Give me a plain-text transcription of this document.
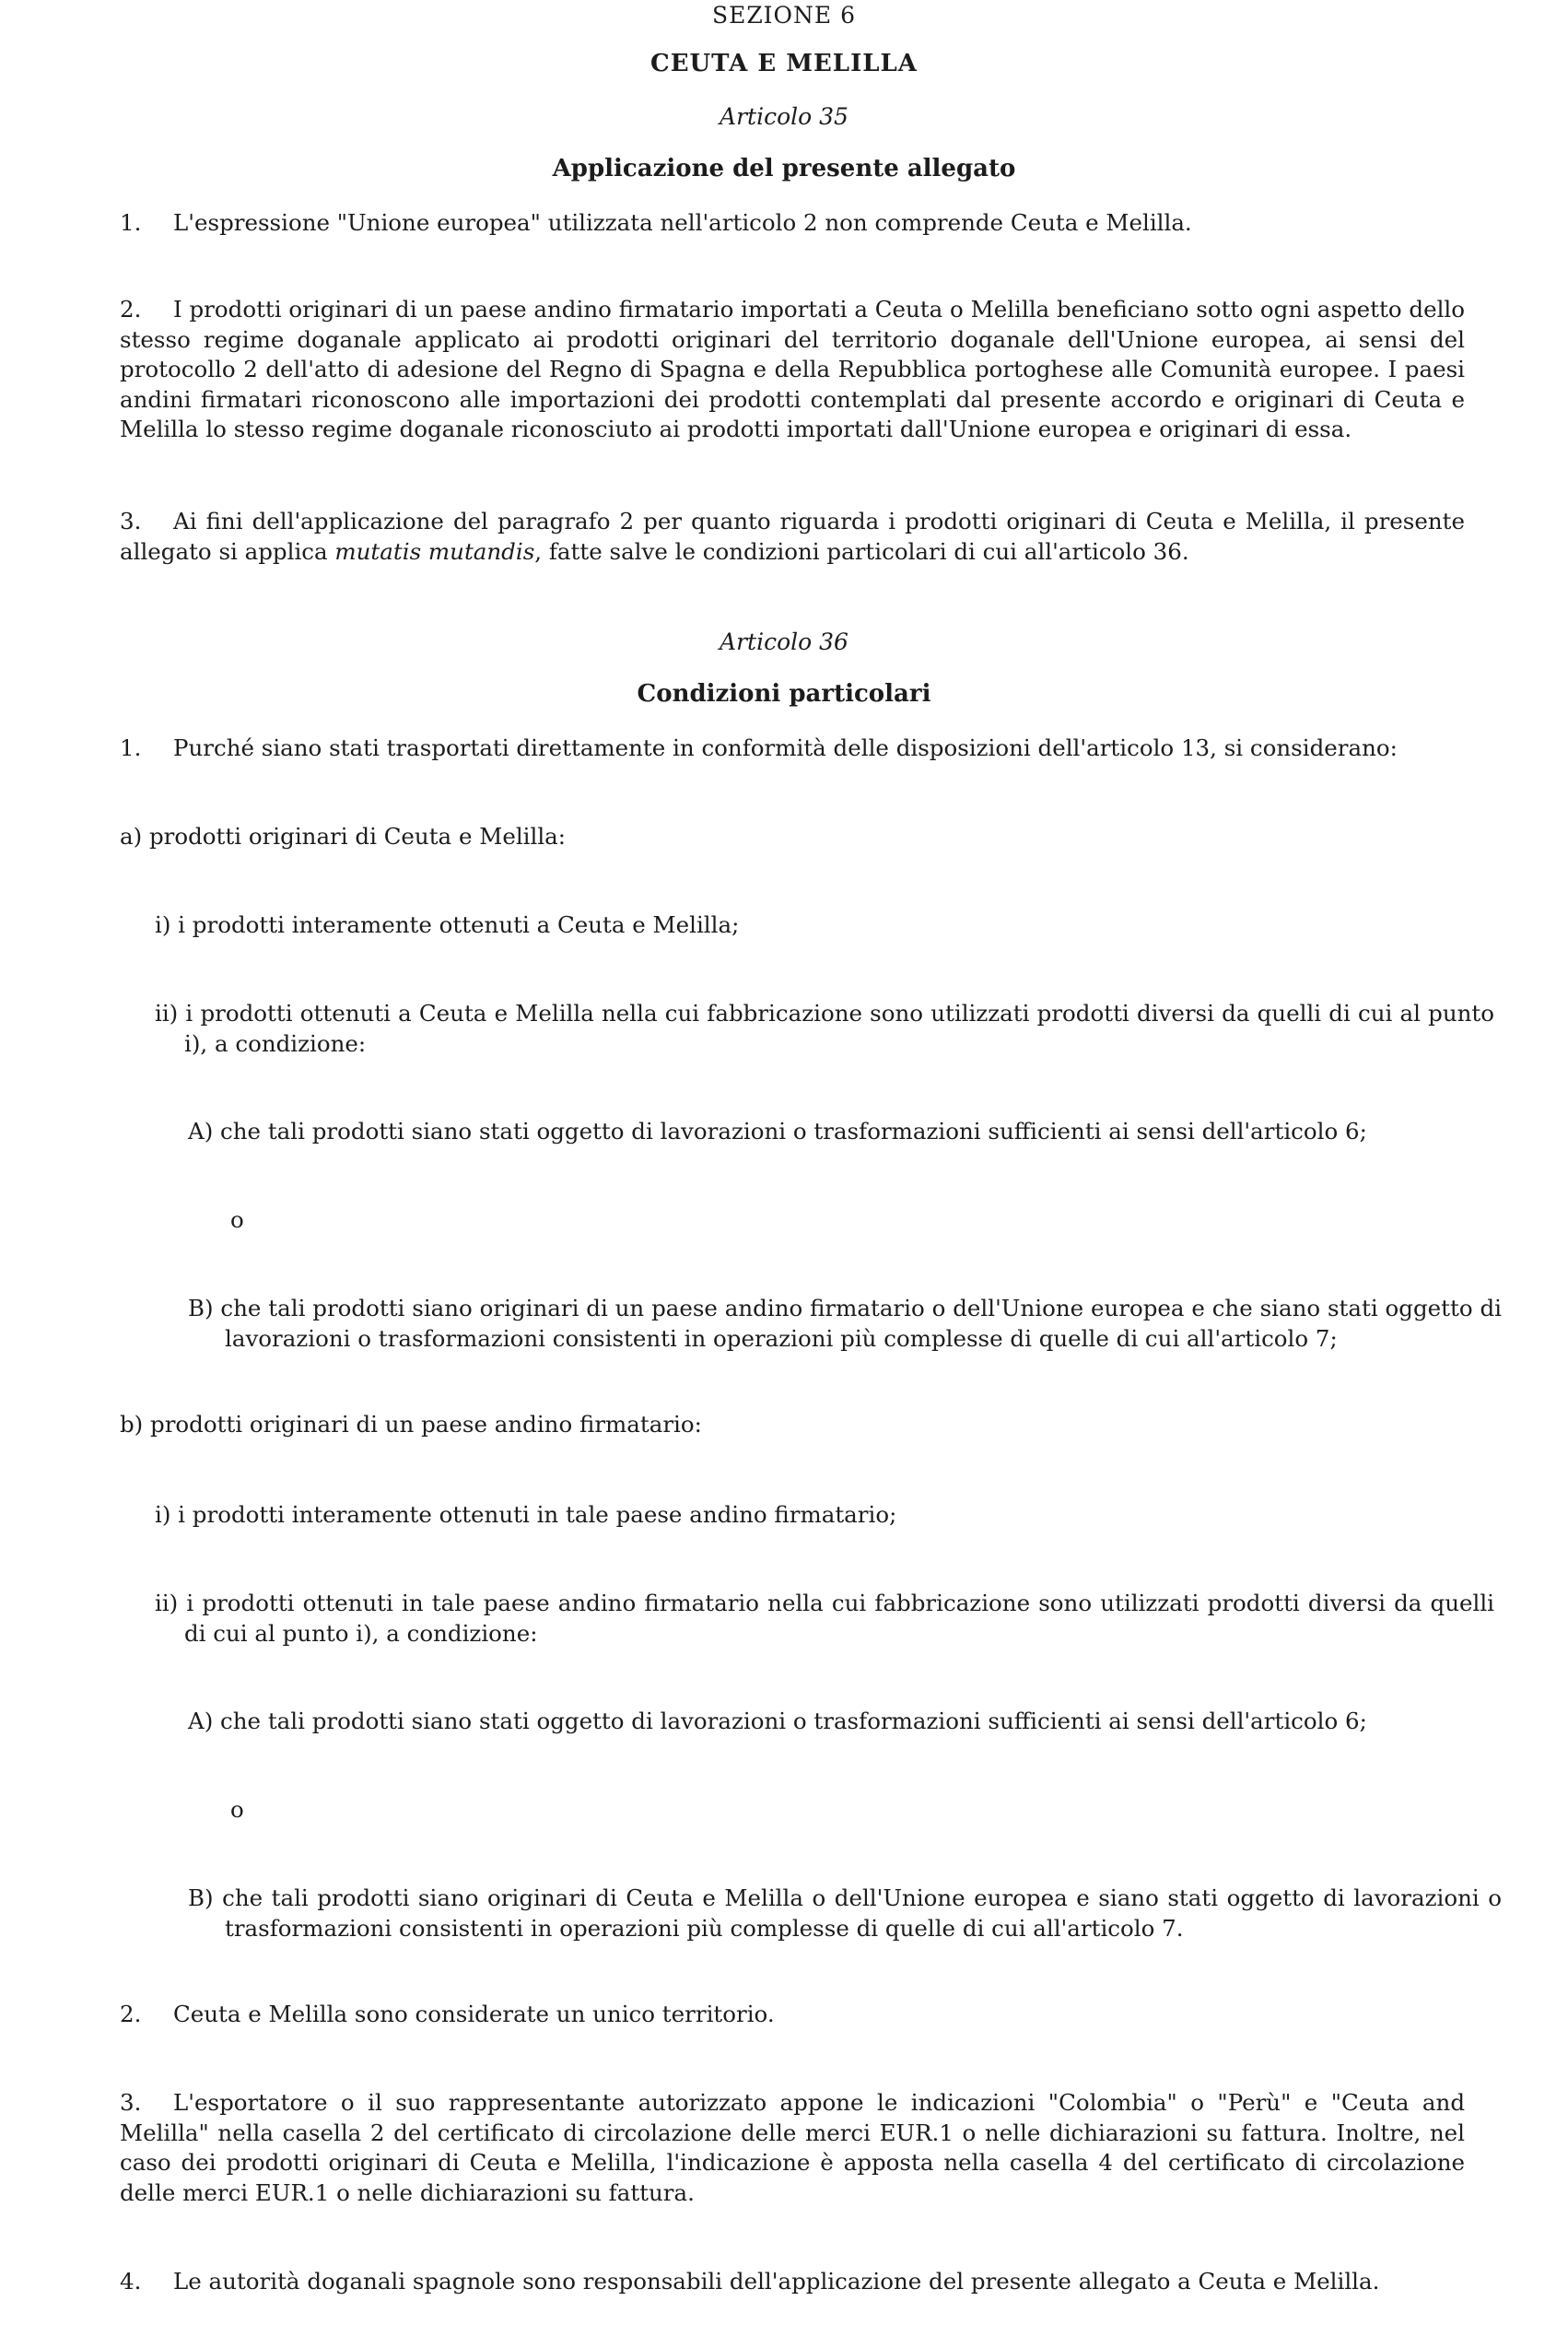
SEZIONE 6
CEUTA E MELILLA
Articolo 35
Applicazione del presente allegato
1. L'espressione "Unione europea" utilizzata nell'articolo 2 non comprende Ceuta e Melilla.
2. I prodotti originari di un paese andino firmatario importati a Ceuta o Melilla beneficiano sotto ogni aspetto dello stesso regime doganale applicato ai prodotti originari del territorio doganale dell'Unione europea, ai sensi del protocollo 2 dell'atto di adesione del Regno di Spagna e della Repubblica portoghese alle Comunità europee. I paesi andini firmatari riconoscono alle importazioni dei prodotti contemplati dal presente accordo e originari di Ceuta e Melilla lo stesso regime doganale riconosciuto ai prodotti importati dall'Unione europea e originari di essa.
3. Ai fini dell'applicazione del paragrafo 2 per quanto riguarda i prodotti originari di Ceuta e Melilla, il presente allegato si applica mutatis mutandis, fatte salve le condizioni particolari di cui all'articolo 36.
Articolo 36
Condizioni particolari
1. Purché siano stati trasportati direttamente in conformità delle disposizioni dell'articolo 13, si considerano:
a) prodotti originari di Ceuta e Melilla:
i) i prodotti interamente ottenuti a Ceuta e Melilla;
ii) i prodotti ottenuti a Ceuta e Melilla nella cui fabbricazione sono utilizzati prodotti diversi da quelli di cui al punto i), a condizione:
A) che tali prodotti siano stati oggetto di lavorazioni o trasformazioni sufficienti ai sensi dell'articolo 6;
o
B) che tali prodotti siano originari di un paese andino firmatario o dell'Unione europea e che siano stati oggetto di lavorazioni o trasformazioni consistenti in operazioni più complesse di quelle di cui all'articolo 7;
b) prodotti originari di un paese andino firmatario:
i) i prodotti interamente ottenuti in tale paese andino firmatario;
ii) i prodotti ottenuti in tale paese andino firmatario nella cui fabbricazione sono utilizzati prodotti diversi da quelli di cui al punto i), a condizione:
A) che tali prodotti siano stati oggetto di lavorazioni o trasformazioni sufficienti ai sensi dell'articolo 6;
o
B) che tali prodotti siano originari di Ceuta e Melilla o dell'Unione europea e siano stati oggetto di lavorazioni o trasformazioni consistenti in operazioni più complesse di quelle di cui all'articolo 7.
2. Ceuta e Melilla sono considerate un unico territorio.
3. L'esportatore o il suo rappresentante autorizzato appone le indicazioni "Colombia" o "Perù" e "Ceuta and Melilla" nella casella 2 del certificato di circolazione delle merci EUR.1 o nelle dichiarazioni su fattura. Inoltre, nel caso dei prodotti originari di Ceuta e Melilla, l'indicazione è apposta nella casella 4 del certificato di circolazione delle merci EUR.1 o nelle dichiarazioni su fattura.
4. Le autorità doganali spagnole sono responsabili dell'applicazione del presente allegato a Ceuta e Melilla.
